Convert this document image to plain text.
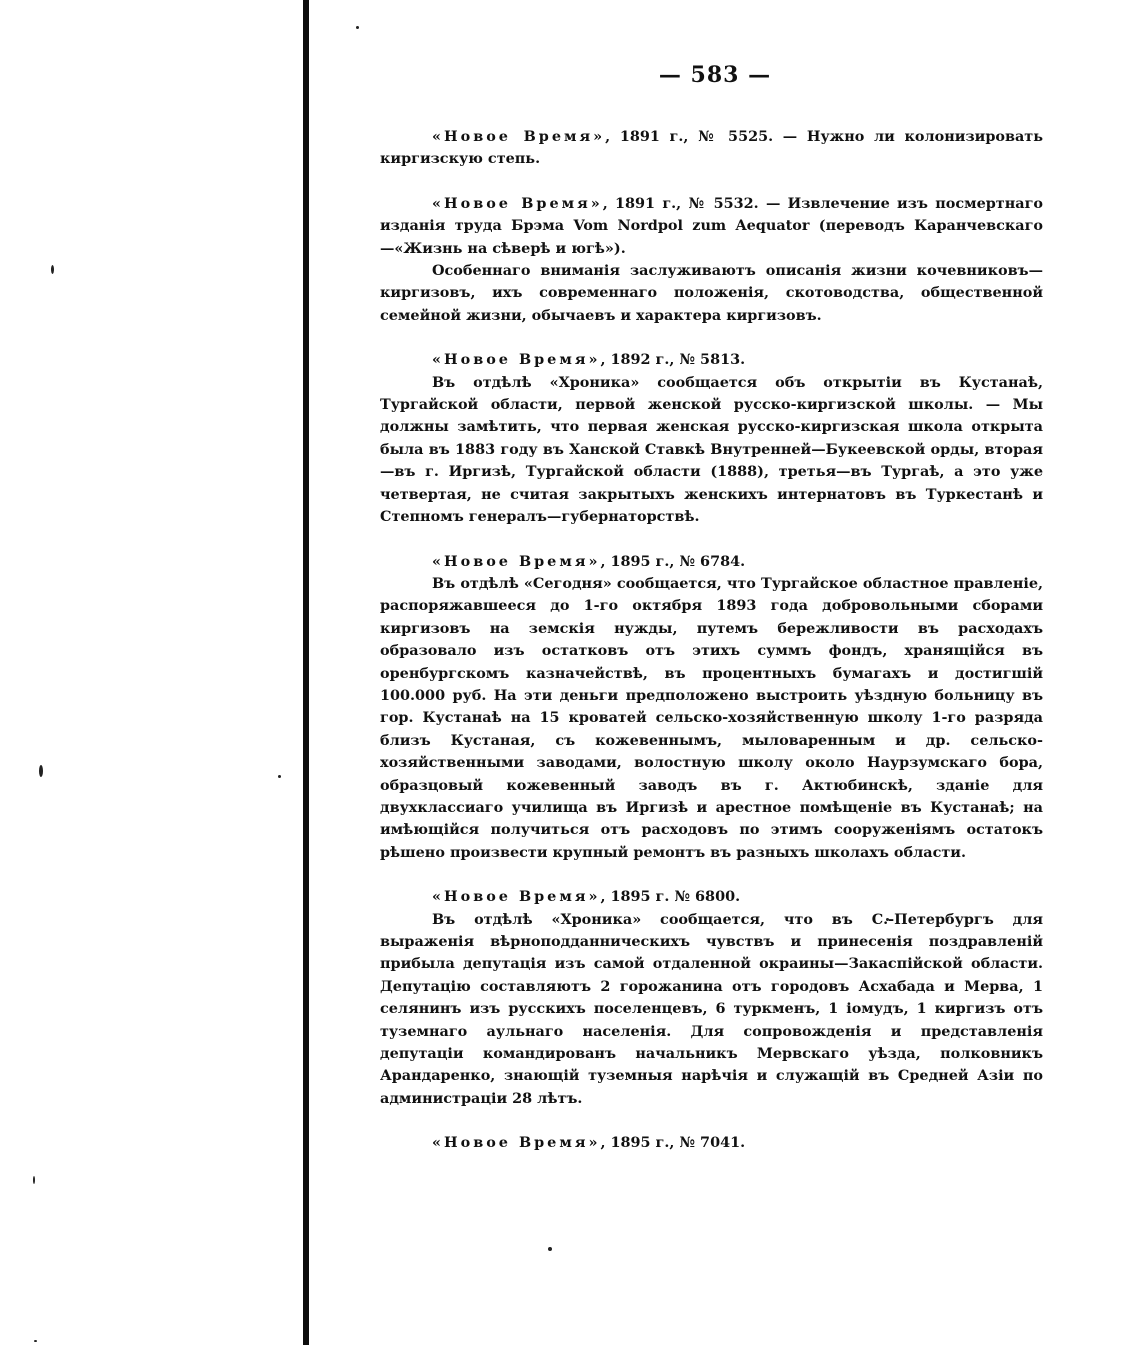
— 583 —
«Новое Время», 1891 г., № 5525. — Нужно ли колонизировать киргизскую степь.
«Новое Время», 1891 г., № 5532. — Извлечение изъ посмертнаго изданія труда Брэма Vom Nordpol zum Aequator (переводъ Каранчевскаго—«Жизнь на сѣверѣ и югѣ»).
Особеннаго вниманія заслуживаютъ описанія жизни кочевниковъ—киргизовъ, ихъ современнаго положенія, скотоводства, общественной семейной жизни, обычаевъ и характера киргизовъ.
«Новое Время», 1892 г., № 5813.
Въ отдѣлѣ «Хроника» сообщается объ открытіи въ Кустанаѣ, Тургайской области, первой женской русско-киргизской школы. — Мы должны замѣтить, что первая женская русско-киргизская школа открыта была въ 1883 году въ Ханской Ставкѣ Внутренней—Букеевской орды, вторая—въ г. Иргизѣ, Тургайской области (1888), третья—въ Тургаѣ, а это уже четвертая, не считая закрытыхъ женскихъ интернатовъ въ Туркестанѣ и Степномъ генералъ—губернаторствѣ.
«Новое Время», 1895 г., № 6784.
Въ отдѣлѣ «Сегодня» сообщается, что Тургайское областное правленіе, распоряжавшееся до 1-го октября 1893 года добровольными сборами киргизовъ на земскія нужды, путемъ бережливости въ расходахъ образовало изъ остатковъ отъ этихъ суммъ фондъ, хранящійся въ оренбургскомъ казначействѣ, въ процентныхъ бумагахъ и достигшій 100.000 руб. На эти деньги предположено выстроить уѣздную больницу въ гор. Кустанаѣ на 15 кроватей сельско-хозяйственную школу 1-го разряда близъ Кустаная, съ кожевеннымъ, мыловаренным и др. сельско-хозяйственными заводами, волостную школу около Наурзумскаго бора, образцовый кожевенный заводъ въ г. Актюбинскѣ, зданіе для двухклассиаго училища въ Иргизѣ и арестное помѣщеніе въ Кустанаѣ; на имѣющійся получиться отъ расходовъ по этимъ сооруженіямъ остатокъ рѣшено произвести крупный ремонтъ въ разныхъ школахъ области.
«Новое Время», 1895 г. № 6800.
Въ отдѣлѣ «Хроника» сообщается, что въ С.-Петербургъ для выраженія вѣрноподданническихъ чувствъ и принесенія поздравленій прибыла депутація изъ самой отдаленной окраины—Закаспійской области. Депутацію составляютъ 2 горожанина отъ городовъ Асхабада и Мерва, 1 селянинъ изъ русскихъ поселенцевъ, 6 туркменъ, 1 іомудъ, 1 киргизъ отъ туземнаго аульнаго населенія. Для сопровожденія и представленія депутаціи командированъ начальникъ Мервскаго уѣзда, полковникъ Арандаренко, знающій туземныя нарѣчія и служащій въ Средней Азіи по администраціи 28 лѣтъ.
«Новое Время», 1895 г., № 7041.
